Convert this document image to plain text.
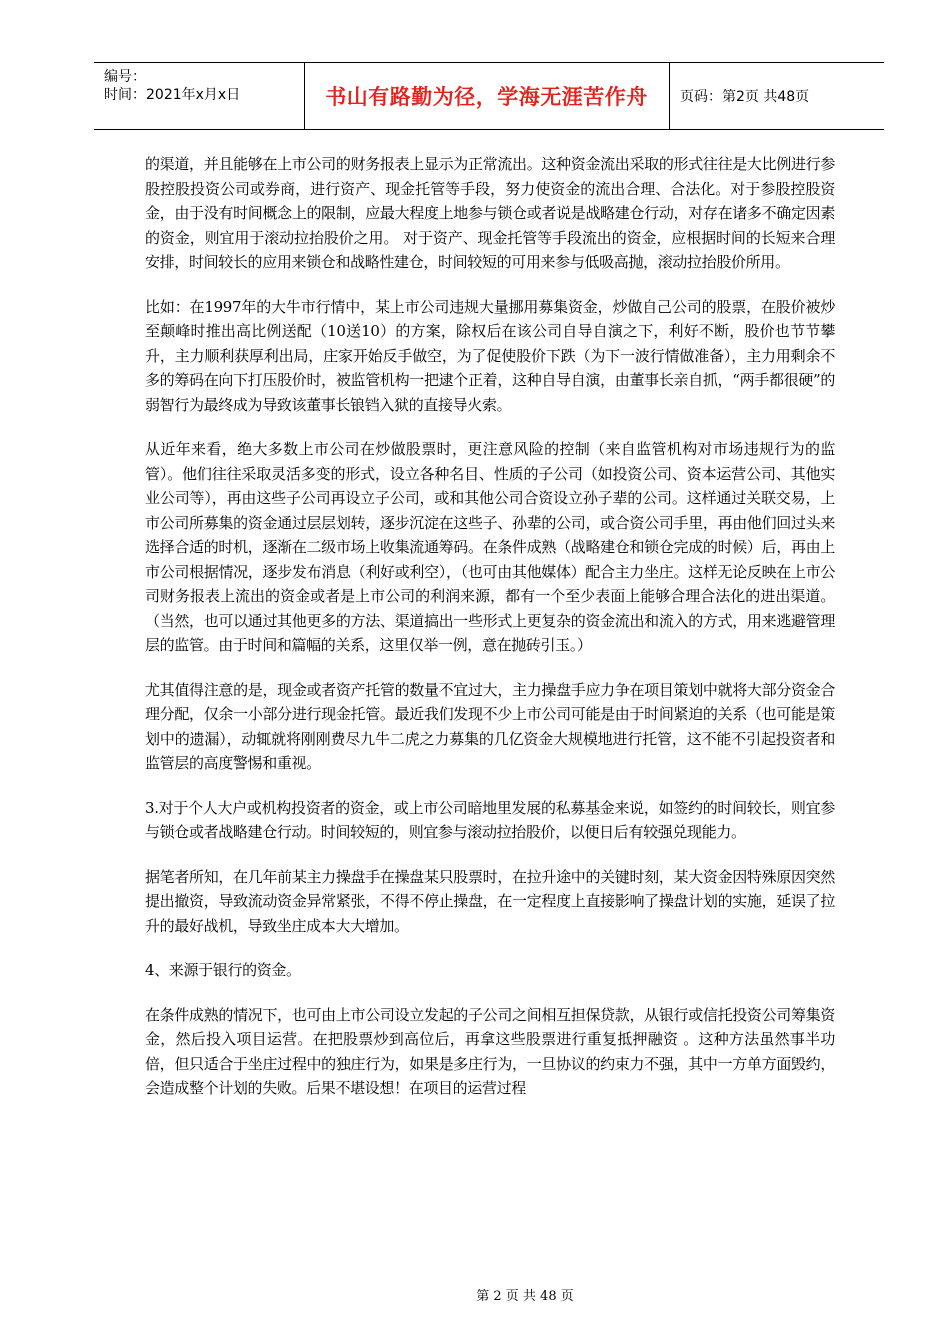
编号：
时间：2021年x月x日	书山有路勤为径，学海无涯苦作舟	页码：第2页 共48页

的渠道，并且能够在上市公司的财务报表上显示为正常流出。这种资金流出采取的形式往往是大比例进行参股控股投资公司或券商，进行资产、现金托管等手段，努力使资金的流出合理、合法化。对于参股控股资金，由于没有时间概念上的限制，应最大程度上地参与锁仓或者说是战略建仓行动，对存在诸多不确定因素的资金，则宜用于滚动拉抬股价之用。 对于资产、现金托管等手段流出的资金，应根据时间的长短来合理安排，时间较长的应用来锁仓和战略性建仓，时间较短的可用来参与低吸高抛，滚动拉抬股价所用。

比如：在1997年的大牛市行情中，某上市公司违规大量挪用募集资金，炒做自己公司的股票，在股价被炒至颠峰时推出高比例送配（10送10）的方案，除权后在该公司自导自演之下，利好不断，股价也节节攀升，主力顺利获厚利出局，庄家开始反手做空，为了促使股价下跌（为下一波行情做准备），主力用剩余不多的筹码在向下打压股价时，被监管机构一把逮个正着，这种自导自演，由董事长亲自抓，“两手都很硬”的弱智行为最终成为导致该董事长锒铛入狱的直接导火索。

从近年来看，绝大多数上市公司在炒做股票时，更注意风险的控制（来自监管机构对市场违规行为的监管）。他们往往采取灵活多变的形式，设立各种名目、性质的子公司（如投资公司、资本运营公司、其他实业公司等），再由这些子公司再设立子公司，或和其他公司合资设立孙子辈的公司。这样通过关联交易，上市公司所募集的资金通过层层划转，逐步沉淀在这些子、孙辈的公司，或合资公司手里，再由他们回过头来选择合适的时机，逐渐在二级市场上收集流通筹码。在条件成熟（战略建仓和锁仓完成的时候）后，再由上市公司根据情况，逐步发布消息（利好或利空），（也可由其他媒体）配合主力坐庄。这样无论反映在上市公司财务报表上流出的资金或者是上市公司的利润来源，都有一个至少表面上能够合理合法化的进出渠道。（当然，也可以通过其他更多的方法、渠道搞出一些形式上更复杂的资金流出和流入的方式，用来逃避管理层的监管。由于时间和篇幅的关系，这里仅举一例，意在抛砖引玉。）

尤其值得注意的是，现金或者资产托管的数量不宜过大，主力操盘手应力争在项目策划中就将大部分资金合理分配，仅余一小部分进行现金托管。最近我们发现不少上市公司可能是由于时间紧迫的关系（也可能是策划中的遗漏），动辄就将刚刚费尽九牛二虎之力募集的几亿资金大规模地进行托管，这不能不引起投资者和监管层的高度警惕和重视。

3.对于个人大户或机构投资者的资金，或上市公司暗地里发展的私募基金来说，如签约的时间较长，则宜参与锁仓或者战略建仓行动。时间较短的，则宜参与滚动拉抬股价，以便日后有较强兑现能力。

据笔者所知，在几年前某主力操盘手在操盘某只股票时，在拉升途中的关键时刻，某大资金因特殊原因突然提出撤资，导致流动资金异常紧张，不得不停止操盘，在一定程度上直接影响了操盘计划的实施，延误了拉升的最好战机，导致坐庄成本大大增加。

4、来源于银行的资金。

在条件成熟的情况下，也可由上市公司设立发起的子公司之间相互担保贷款，从银行或信托投资公司筹集资金，然后投入项目运营。在把股票炒到高位后，再拿这些股票进行重复抵押融资 。这种方法虽然事半功倍，但只适合于坐庄过程中的独庄行为，如果是多庄行为，一旦协议的约束力不强，其中一方单方面毁约，会造成整个计划的失败。后果不堪设想！在项目的运营过程

第 2 页 共 48 页
